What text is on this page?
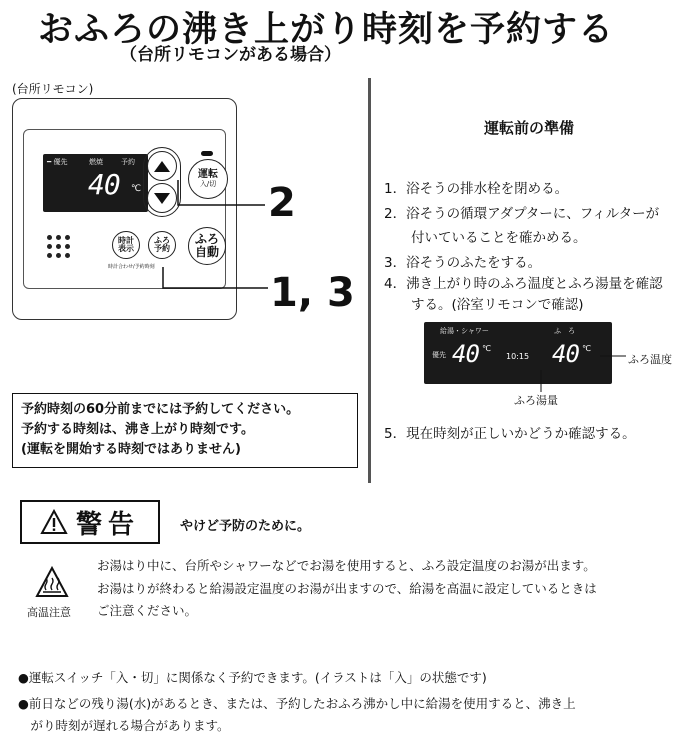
おふろの沸き上がり時刻を予約する
（台所リモコンがある場合）
(台所リモコン)
━ 優先	燃焼	予約
40 ℃
運転
入/切
時計
表示
ふろ
予約
ふろ
自動
時計合わせ/予約時刻
2
1, 3
運転前の準備
1．浴そうの排水栓を閉める。
2．浴そうの循環アダプターに、フィルターが
　　付いていることを確かめる。
3．浴そうのふたをする。
4．沸き上がり時のふろ温度とふろ湯量を確認
　　する。(浴室リモコンで確認)
給湯・シャワー	ふ　ろ
優先 40 ℃
10:15 40 ℃
ふろ温度
ふろ湯量
5．現在時刻が正しいかどうか確認する。
予約時刻の60分前までには予約してください。
予約する時刻は、沸き上がり時刻です。
(運転を開始する時刻ではありません)
警告	やけど予防のために。
高温注意
お湯はり中に、台所やシャワーなどでお湯を使用すると、ふろ設定温度のお湯が出ます。
お湯はりが終わると給湯設定温度のお湯が出ますので、給湯を高温に設定しているときは
ご注意ください。
●運転スイッチ「入・切」に関係なく予約できます。(イラストは「入」の状態です)
●前日などの残り湯(水)があるとき、または、予約したおふろ沸かし中に給湯を使用すると、沸き上
　がり時刻が遅れる場合があります。
